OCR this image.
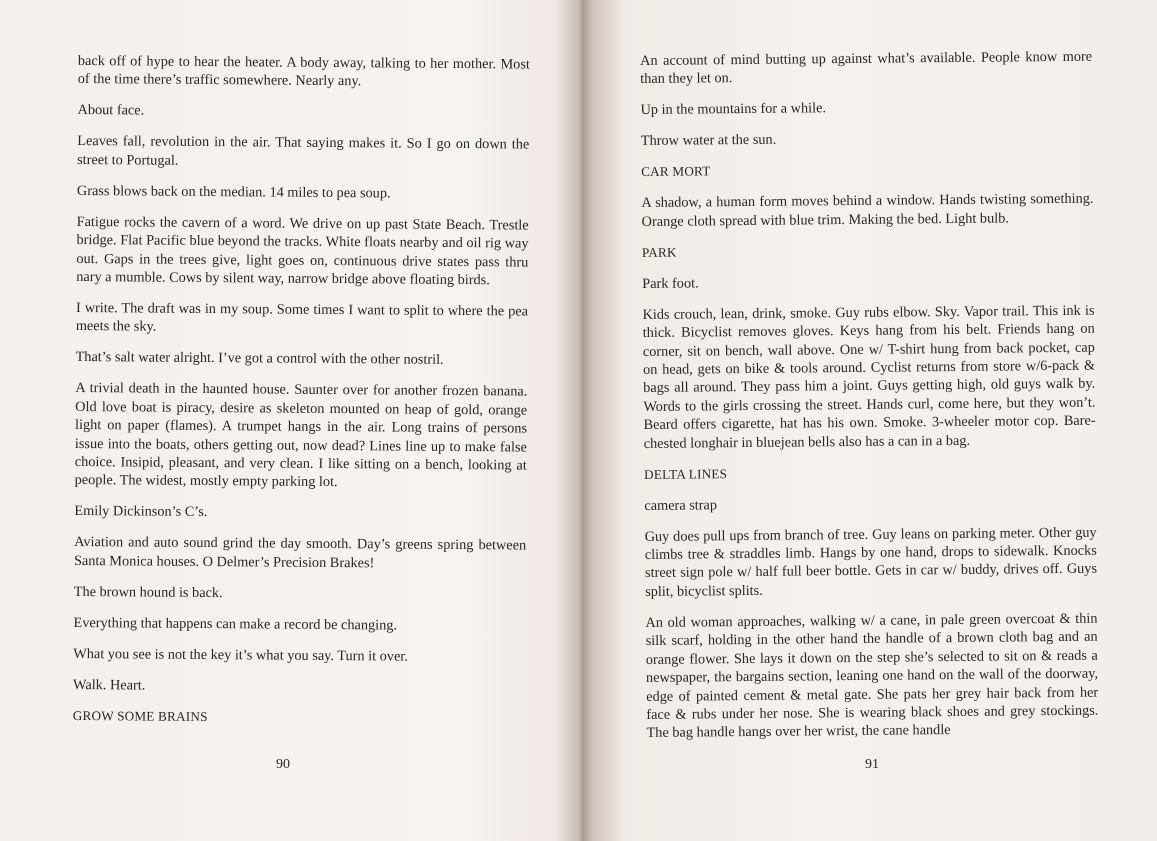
back off of hype to hear the heater. A body away, talking to her mother. Most of the time there’s traffic somewhere. Nearly any.

About face.

Leaves fall, revolution in the air. That saying makes it. So I go on down the street to Portugal.

Grass blows back on the median. 14 miles to pea soup.

Fatigue rocks the cavern of a word. We drive on up past State Beach. Trestle bridge. Flat Pacific blue beyond the tracks. White floats nearby and oil rig way out. Gaps in the trees give, light goes on, continuous drive states pass thru nary a mumble. Cows by silent way, narrow bridge above floating birds.

I write. The draft was in my soup. Some times I want to split to where the pea meets the sky.

That’s salt water alright. I’ve got a control with the other nostril.

A trivial death in the haunted house. Saunter over for another frozen banana. Old love boat is piracy, desire as skeleton mounted on heap of gold, orange light on paper (flames). A trumpet hangs in the air. Long trains of persons issue into the boats, others getting out, now dead? Lines line up to make false choice. Insipid, pleasant, and very clean. I like sitting on a bench, looking at people. The widest, mostly empty parking lot.

Emily Dickinson’s C’s.

Aviation and auto sound grind the day smooth. Day’s greens spring between Santa Monica houses. O Delmer’s Precision Brakes!

The brown hound is back.

Everything that happens can make a record be changing.

What you see is not the key it’s what you say. Turn it over.

Walk. Heart.

GROW SOME BRAINS

90

An account of mind butting up against what’s available. People know more than they let on.

Up in the mountains for a while.

Throw water at the sun.

CAR MORT

A shadow, a human form moves behind a window. Hands twisting something. Orange cloth spread with blue trim. Making the bed. Light bulb.

PARK

Park foot.

Kids crouch, lean, drink, smoke. Guy rubs elbow. Sky. Vapor trail. This ink is thick. Bicyclist removes gloves. Keys hang from his belt. Friends hang on corner, sit on bench, wall above. One w/ T-shirt hung from back pocket, cap on head, gets on bike & tools around. Cyclist returns from store w/6-pack & bags all around. They pass him a joint. Guys getting high, old guys walk by. Words to the girls crossing the street. Hands curl, come here, but they won’t. Beard offers cigarette, hat has his own. Smoke. 3-wheeler motor cop. Bare-chested longhair in bluejean bells also has a can in a bag.

DELTA LINES

camera strap

Guy does pull ups from branch of tree. Guy leans on parking meter. Other guy climbs tree & straddles limb. Hangs by one hand, drops to sidewalk. Knocks street sign pole w/ half full beer bottle. Gets in car w/ buddy, drives off. Guys split, bicyclist splits.

An old woman approaches, walking w/ a cane, in pale green overcoat & thin silk scarf, holding in the other hand the handle of a brown cloth bag and an orange flower. She lays it down on the step she’s selected to sit on & reads a newspaper, the bargains section, leaning one hand on the wall of the doorway, edge of painted cement & metal gate. She pats her grey hair back from her face & rubs under her nose. She is wearing black shoes and grey stockings. The bag handle hangs over her wrist, the cane handle

91
